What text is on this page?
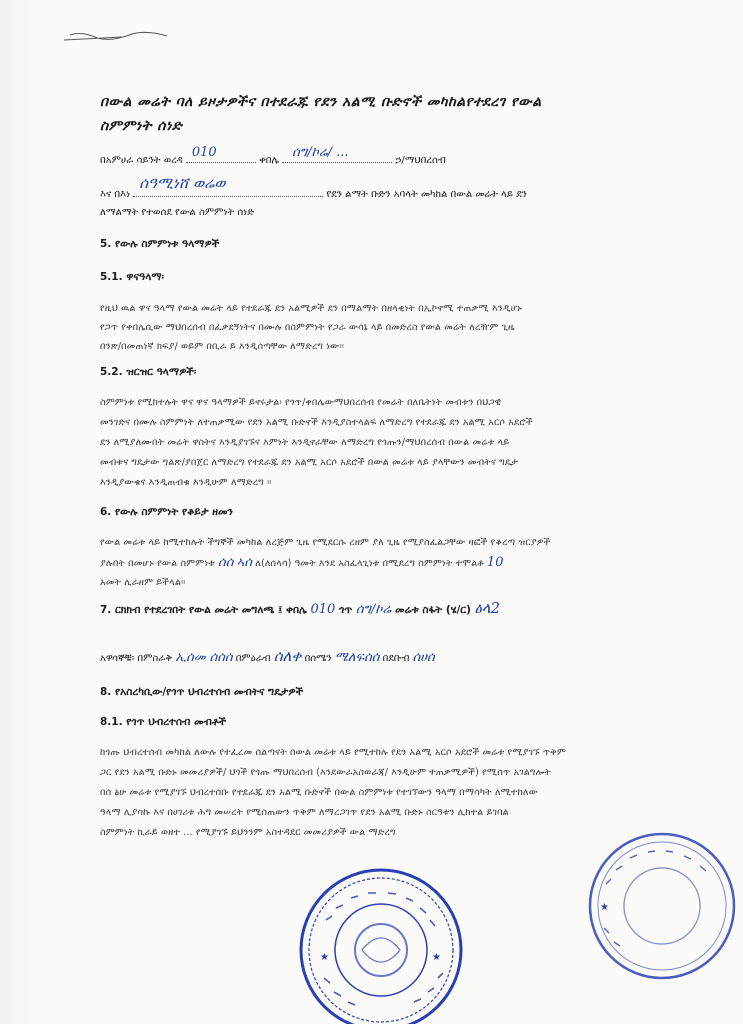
በውል መሬት ባለ ይዞታዎችና በተደራጁ የደን አልሚ ቡድኖች መካከልየተደረገ የውል
ስምምነት ሰነድ
በአምሀራ ሳይንት ወረዳ
010
ቀበሌ
ሰግ/ኮሬ/ ...
ኃ/ማህበረሰብ
እና በእነ
ሰዓሚነሸ ወሬወ
የደን ልማት ቡድን አባላት መካከል በውል መሬት ላይ ደን
ለማልማት የተወሰደ የውል ስምምነት ሰነድ
5. የውሉ ስምምነቱ ዓላማዎች
5.1. ዋናዓላማ፡
የዚህ ዉል ዋና ዓላማ የውል መሬት ላይ የተደራጁ ደን አልሚዎች ደን በማልማት በዘላቂነት በኢኮኖሚ ተጠቃሚ እንዲሆኑ
የጋጥ የቀበሌሲው ማህበረሰብ በፈቃደኝነትና በሙሉ በስምምነት የጋራ ውሳኔ ላይ በመድረስ የውል መሬት ለረዥም ጊዜ
በንጽ/በመጠነኛ ክፍያ/ ወይም በቢራ ይ እንዲሰጣቸው ለማድረግ ነው።
5.2. ዝርዝር ዓላማዎች፡
ስምምነቱ የሚከተሉት ዋና ዋና ዓላማዎች ይኖሩታል፡ የጎጥ/ቀበሌውማህበረሰብ የመሬት በለቤትነት መብቱን በህጋዊ
መንገድና በሙሉ ስምምነት ለተጠቃሚው የደን አልሚ ቡድኖች እንዲያስተላልፍ ለማድረግ የተደራጁ ደን አልሚ አርሶ አደሮች
ደን ለሚያለሙበት መሬት ዋስትና እንዲያገኙና እምነት እንዲኖራቸው ለማድረግ የጎጡን/ማህበረሰብ በውል መሬቱ ላይ
መብቱና ግዴታው ግልጽ/ያበጀር ለማድረግ የተደራጁ ደን አልሚ አርሶ አደሮች በውል መሬቱ ላይ ያላቸውን መብትና ግዴታ
እንዲያውቁና እንዲጠብቁ እንዲሁም ለማድረግ ።
6. የውሉ ስምምነት የቆይታ ዘመን
የውል መሬቱ ላይ ከሚተከሉት ችግኞች መካከል ለረጅም ጊዜ የሚደርሱ ረዘም ያለ ጊዜ የሚያስፈልጋቸው ዛፎች የቆረጣ ዝርያዎች
ያሉበት በመሆኑ የውል ስምምነቱ ሰሰ ኣሰ ለ(ለሰላሳ) ዓመት እንደ አስፈላጊነቱ በሚደረግ ስምምነት ተሞልቶ 10
አመት ሊራዘም ይችላል።
7. ርክክብ የተደረገበት የውል መሬት መግለጫ ፤ ቀበሌ 010 ጎጥ ሰግ/ኮሬ መሬቱ ስፋት (ሄ/ር) ፅላ2
አዋሳኞቹ፡ በምስራቅ ኢሰመ ሰሰሰ በምዕራብ ሰለቀ በሰሜን ሜለፍሰሰ በደቡብ ሰሀሰ
8. የአስረካቢው/የጎጥ ህብረተሰብ መብትና ግዴታዎች
8.1. የጎጥ ህብረተሰብ መብቶች
ከጎጡ ህብረተሰብ መካከል ለውሉ የተፈረመ ሰልጣናት በውል መሬቱ ላይ የሚተከሉ የደን አልሚ አርሶ አደሮች መሬቱ የሚያገኙ ጥቅም
ጋር የደን አልሚ ቡድኑ መመሪያዎች/ ህጎች የጎጡ ማህበረሰብ (እንደውራአስወራጃ/ እንዲሁም ተጠቃሚዎች) የሚሰጥ አገልግሎት
በሰ ፅሁ መሬቱ የሚያገኙ ህብረተሰቡ የተደራጁ ደን አልሚ ቡድኖች በውል ስምምነቱ የተገኘውን ዓላማ በማሳካት ለሚተከለው
ዓላማ ሊያሳኩ እና በሀገሪቱ ሕግ መሠረት የሚሰጠውን ጥቅም ለማረጋገጥ የደን አልሚ ቡድኑ ስርዓቱን ሊከተል ይገባል
ስምምነት ኪራይ ወዘተ ... የሚያገኙ ይህንንም አስተዳደር መመሪያዎች ውል ማድረግ
★	★
★
